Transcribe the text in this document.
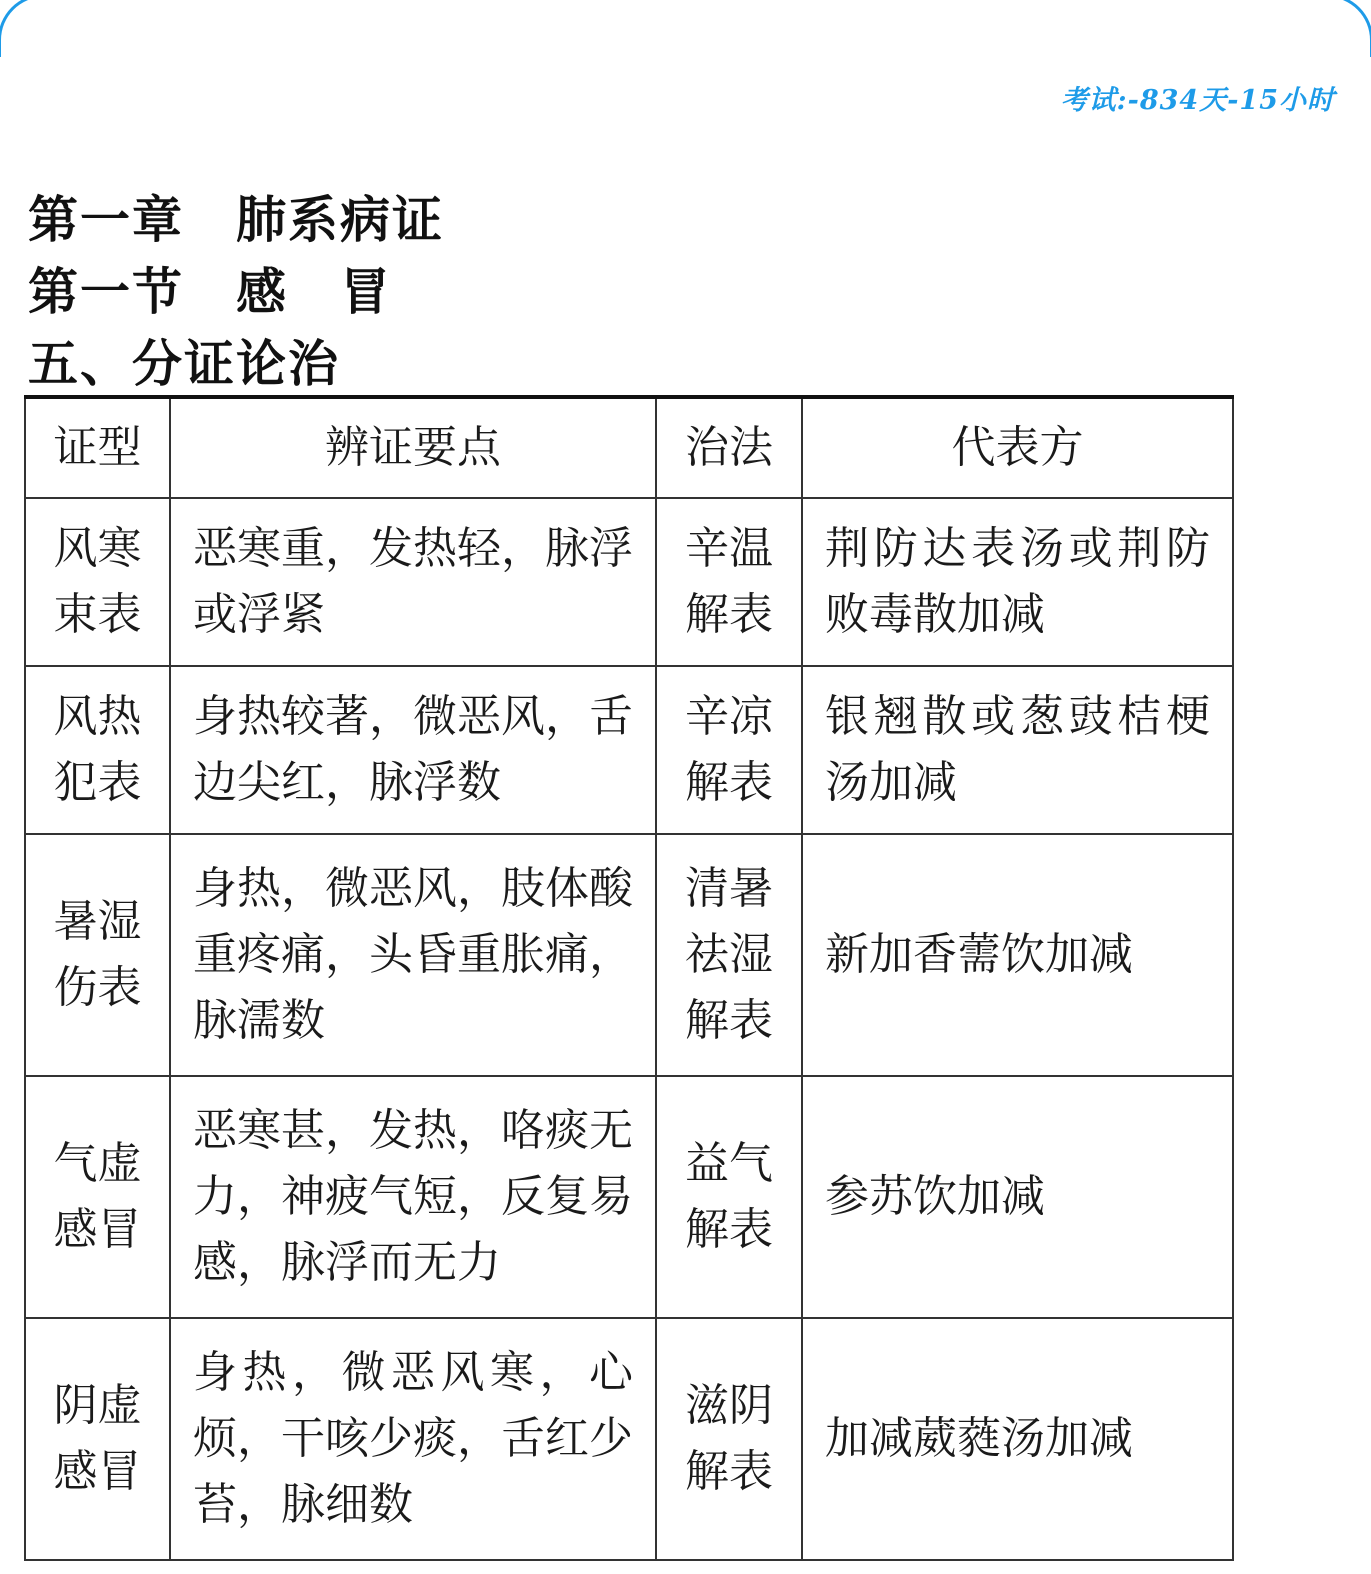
考试:-834天-15小时
第一章　肺系病证
第一节　感　冒
五、分证论治
证型	辨证要点	治法	代表方
风寒束表	恶寒重，发热轻，脉浮或浮紧	辛温解表	荆防达表汤或荆防败毒散加减
风热犯表	身热较著，微恶风，舌边尖红，脉浮数	辛凉解表	银翘散或葱豉桔梗汤加减
暑湿伤表	身热，微恶风，肢体酸重疼痛，头昏重胀痛，脉濡数	清暑祛湿解表	新加香薷饮加减
气虚感冒	恶寒甚，发热，咯痰无力，神疲气短，反复易感，脉浮而无力	益气解表	参苏饮加减
阴虚感冒	身热，微恶风寒，心烦，干咳少痰，舌红少苔，脉细数	滋阴解表	加减葳蕤汤加减
